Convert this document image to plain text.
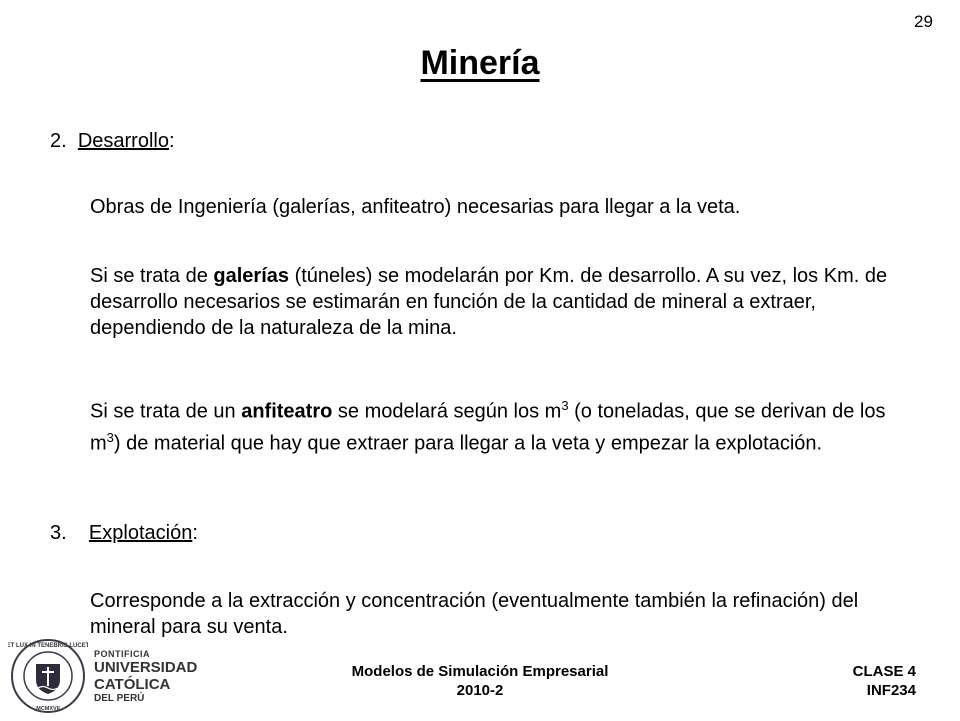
29
Minería
2. Desarrollo:
Obras de Ingeniería (galerías, anfiteatro) necesarias para llegar a la veta.
Si se trata de galerías (túneles) se modelarán por Km. de desarrollo. A su vez, los Km. de desarrollo necesarios se estimarán en función de la cantidad de mineral a extraer, dependiendo de la naturaleza de la mina.
Si se trata de un anfiteatro se modelará según los $m^3$ (o toneladas, que se derivan de los $m^3$) de material que hay que extraer para llegar a la veta y empezar la explotación.
3. Explotación:
Corresponde a la extracción y concentración (eventualmente también la refinación) del mineral para su venta.
ET LUX IN TENEBRIS LUCET
MCMXVII
PONTIFICIA
UNIVERSIDAD
CATÓLICA
DEL PERÚ
Modelos de Simulación Empresarial
2010-2
CLASE 4
INF234
